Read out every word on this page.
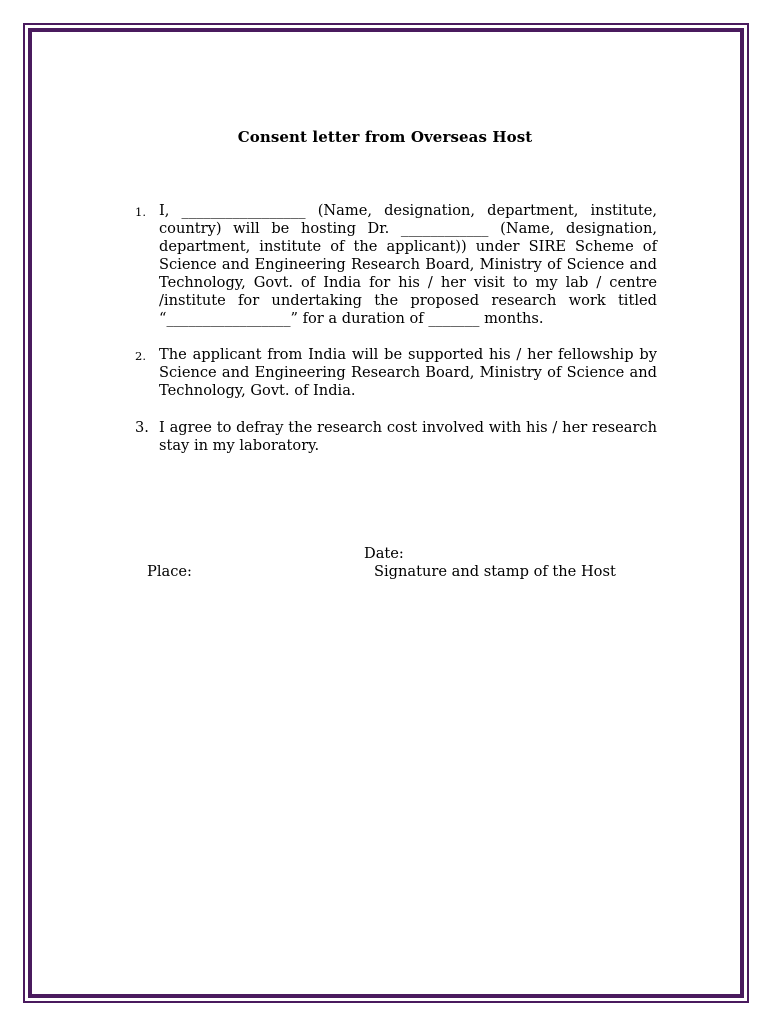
Consent letter from Overseas Host
1. I, _________________ (Name, designation, department, institute, country) will be hosting Dr. ____________ (Name, designation, department, institute of the applicant)) under SIRE Scheme of Science and Engineering Research Board, Ministry of Science and Technology, Govt. of India for his / her visit to my lab / centre /institute for undertaking the proposed research work titled “_________________” for a duration of _______ months.
2. The applicant from India will be supported his / her fellowship by Science and Engineering Research Board, Ministry of Science and Technology, Govt. of India.
3. I agree to defray the research cost involved with his / her research stay in my laboratory.
Date:
Place:	Signature and stamp of the Host
